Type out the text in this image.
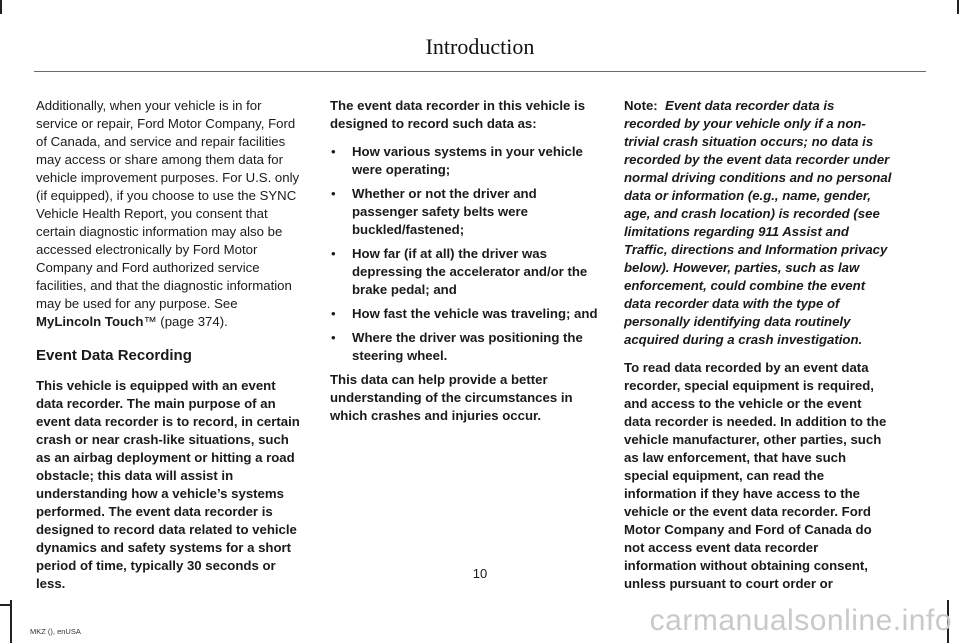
Introduction

Additionally, when your vehicle is in for service or repair, Ford Motor Company, Ford of Canada, and service and repair facilities may access or share among them data for vehicle improvement purposes. For U.S. only (if equipped), if you choose to use the SYNC Vehicle Health Report, you consent that certain diagnostic information may also be accessed electronically by Ford Motor Company and Ford authorized service facilities, and that the diagnostic information may be used for any purpose. See MyLincoln Touch™ (page 374).

Event Data Recording

This vehicle is equipped with an event data recorder. The main purpose of an event data recorder is to record, in certain crash or near crash-like situations, such as an airbag deployment or hitting a road obstacle; this data will assist in understanding how a vehicle’s systems performed. The event data recorder is designed to record data related to vehicle dynamics and safety systems for a short period of time, typically 30 seconds or less.

The event data recorder in this vehicle is designed to record such data as:

• How various systems in your vehicle were operating;
• Whether or not the driver and passenger safety belts were buckled/fastened;
• How far (if at all) the driver was depressing the accelerator and/or the brake pedal; and
• How fast the vehicle was traveling; and
• Where the driver was positioning the steering wheel.

This data can help provide a better understanding of the circumstances in which crashes and injuries occur.

Note: Event data recorder data is recorded by your vehicle only if a non-trivial crash situation occurs; no data is recorded by the event data recorder under normal driving conditions and no personal data or information (e.g., name, gender, age, and crash location) is recorded (see limitations regarding 911 Assist and Traffic, directions and Information privacy below). However, parties, such as law enforcement, could combine the event data recorder data with the type of personally identifying data routinely acquired during a crash investigation.

To read data recorded by an event data recorder, special equipment is required, and access to the vehicle or the event data recorder is needed. In addition to the vehicle manufacturer, other parties, such as law enforcement, that have such special equipment, can read the information if they have access to the vehicle or the event data recorder. Ford Motor Company and Ford of Canada do not access event data recorder information without obtaining consent, unless pursuant to court order or

10
MKZ (), enUSA	carmanualsonline.info
